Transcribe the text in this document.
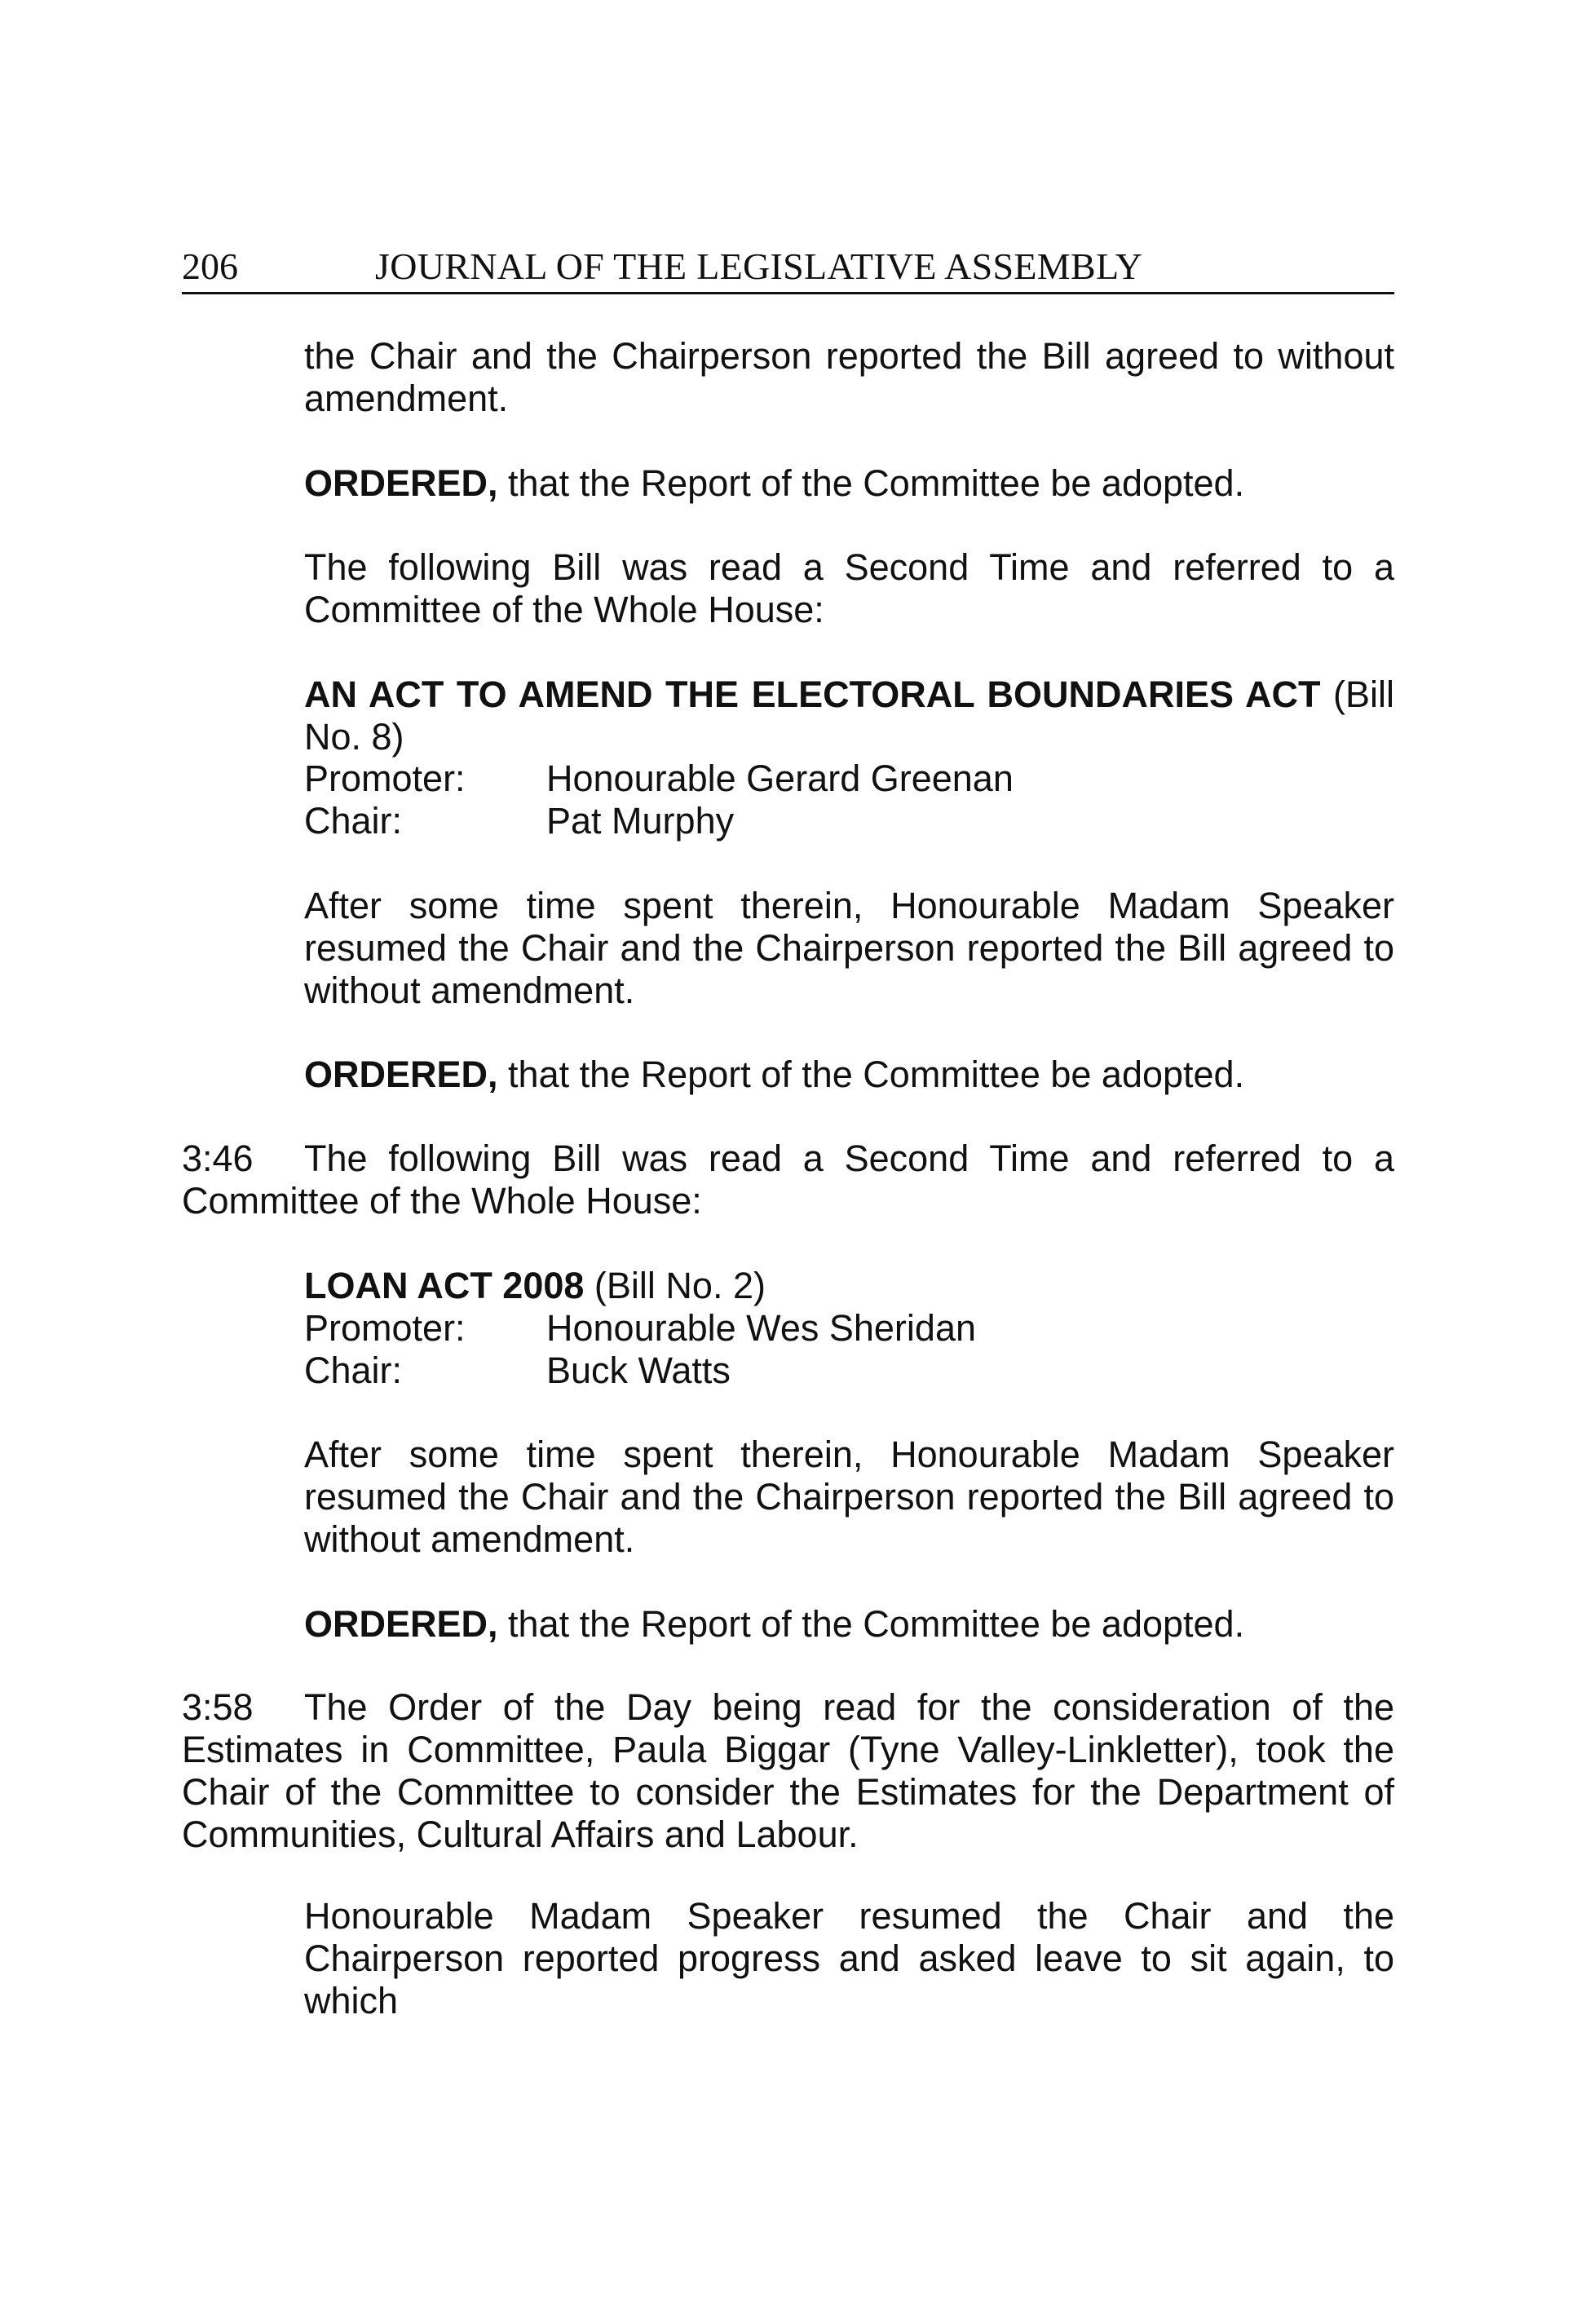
206	JOURNAL OF THE LEGISLATIVE ASSEMBLY

the Chair and the Chairperson reported the Bill agreed to without amendment.

ORDERED, that the Report of the Committee be adopted.

The following Bill was read a Second Time and referred to a Committee of the Whole House:

AN ACT TO AMEND THE ELECTORAL BOUNDARIES ACT (Bill No. 8)

Promoter: Honourable Gerard Greenan
Chair:	Pat Murphy

After some time spent therein, Honourable Madam Speaker resumed the Chair and the Chairperson reported the Bill agreed to without amendment.

ORDERED, that the Report of the Committee be adopted.

3:46 The following Bill was read a Second Time and referred to a Committee of the Whole House:

LOAN ACT 2008 (Bill No. 2)

Promoter: Honourable Wes Sheridan
Chair:	Buck Watts

After some time spent therein, Honourable Madam Speaker resumed the Chair and the Chairperson reported the Bill agreed to without amendment.

ORDERED, that the Report of the Committee be adopted.

3:58 The Order of the Day being read for the consideration of the Estimates in Committee, Paula Biggar (Tyne Valley-Linkletter), took the Chair of the Committee to consider the Estimates for the Department of Communities, Cultural Affairs and Labour.

Honourable Madam Speaker resumed the Chair and the Chairperson reported progress and asked leave to sit again, to which
